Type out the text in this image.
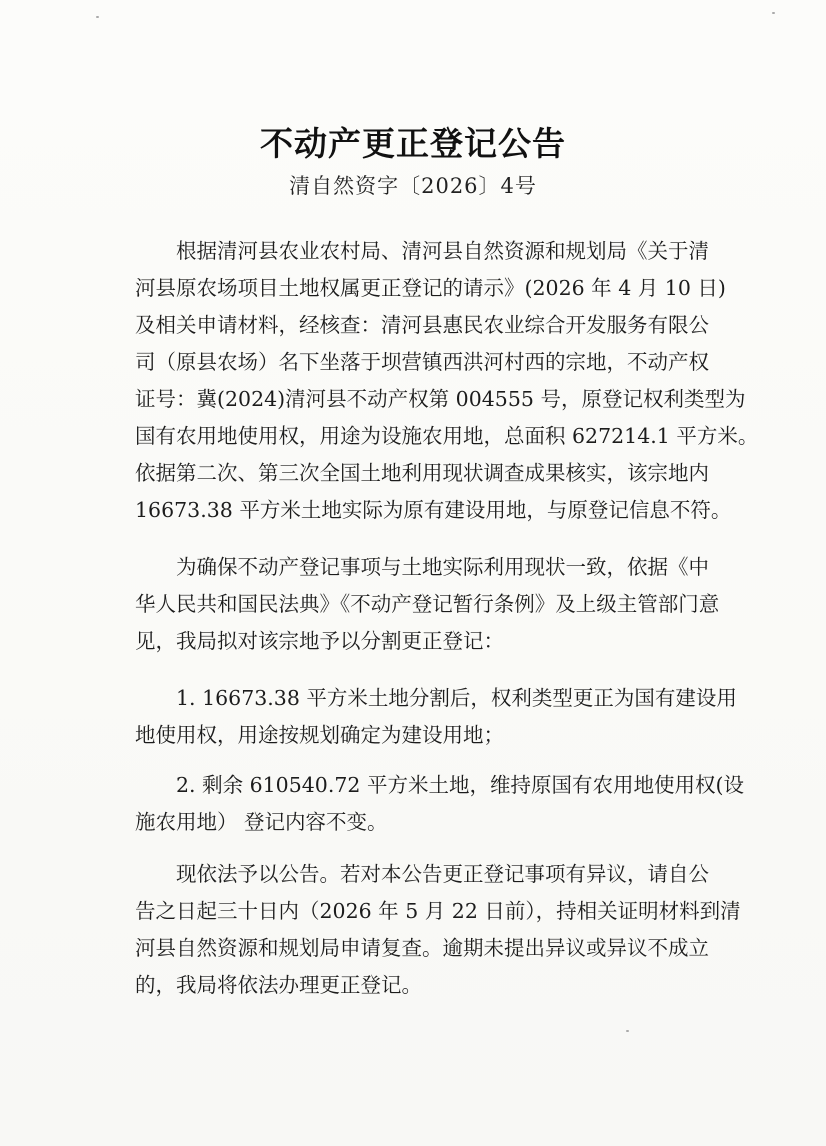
不动产更正登记公告
清自然资字〔2026〕4号
根据清河县农业农村局、清河县自然资源和规划局《关于清
河县原农场项目土地权属更正登记的请示》(2026 年 4 月 10 日)
及相关申请材料，经核查：清河县惠民农业综合开发服务有限公
司（原县农场）名下坐落于坝营镇西洪河村西的宗地，不动产权
证号：冀(2024)清河县不动产权第 004555 号，原登记权利类型为
国有农用地使用权，用途为设施农用地，总面积 627214.1 平方米。
依据第二次、第三次全国土地利用现状调查成果核实，该宗地内
16673.38 平方米土地实际为原有建设用地，与原登记信息不符。
为确保不动产登记事项与土地实际利用现状一致，依据《中
华人民共和国民法典》《不动产登记暂行条例》及上级主管部门意
见，我局拟对该宗地予以分割更正登记：
1. 16673.38 平方米土地分割后，权利类型更正为国有建设用
地使用权，用途按规划确定为建设用地；
2. 剩余 610540.72 平方米土地，维持原国有农用地使用权(设
施农用地） 登记内容不变。
现依法予以公告。若对本公告更正登记事项有异议，请自公
告之日起三十日内（2026 年 5 月 22 日前），持相关证明材料到清
河县自然资源和规划局申请复查。逾期未提出异议或异议不成立
的，我局将依法办理更正登记。
